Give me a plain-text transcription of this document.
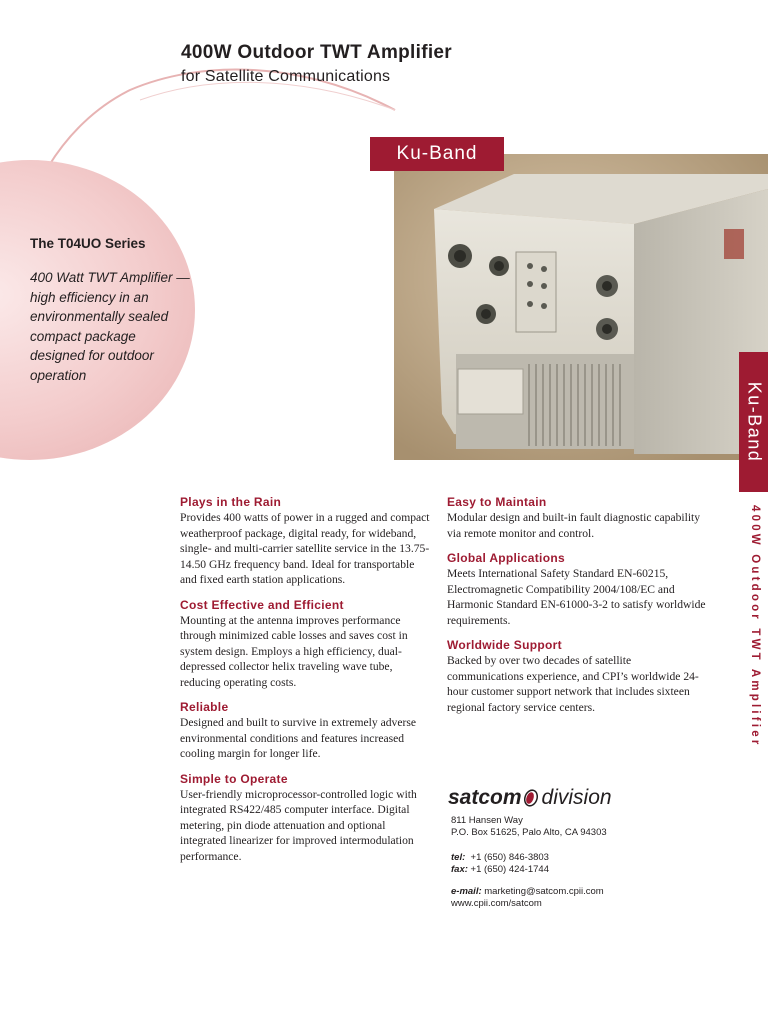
400W Outdoor TWT Amplifier
for Satellite Communications
Ku-Band
The T04UO Series
400 Watt TWT Amplifier — high efficiency in an environmentally sealed compact package designed for outdoor operation
Ku-Band
400W Outdoor TWT Amplifier
Plays in the Rain

Provides 400 watts of power in a rugged and compact weatherproof package, digital ready, for wideband, single- and multi-carrier satellite service in the 13.75-14.50 GHz frequency band. Ideal for transportable and fixed earth station applications.

Cost Effective and Efficient

Mounting at the antenna improves performance through minimized cable losses and saves cost in system design. Employs a high efficiency, dual-depressed collector helix traveling wave tube, reducing operating costs.

Reliable

Designed and built to survive in extremely adverse environmental conditions and features increased cooling margin for longer life.

Simple to Operate

User-friendly microprocessor-controlled logic with integrated RS422/485 computer interface. Digital metering, pin diode attenuation and optional integrated linearizer for improved intermodulation performance.

Easy to Maintain

Modular design and built-in fault diagnostic capability via remote monitor and control.

Global Applications

Meets International Safety Standard EN-60215, Electromagnetic Compatibility 2004/108/EC and Harmonic Standard EN-61000-3-2 to satisfy worldwide requirements.

Worldwide Support

Backed by over two decades of satellite communications experience, and CPI’s worldwide 24-hour customer support network that includes sixteen regional factory service centers.

satcom division
811 Hansen Way
P.O. Box 51625, Palo Alto, CA 94303
tel: +1 (650) 846-3803
fax: +1 (650) 424-1744
e-mail: marketing@satcom.cpii.com
www.cpii.com/satcom
